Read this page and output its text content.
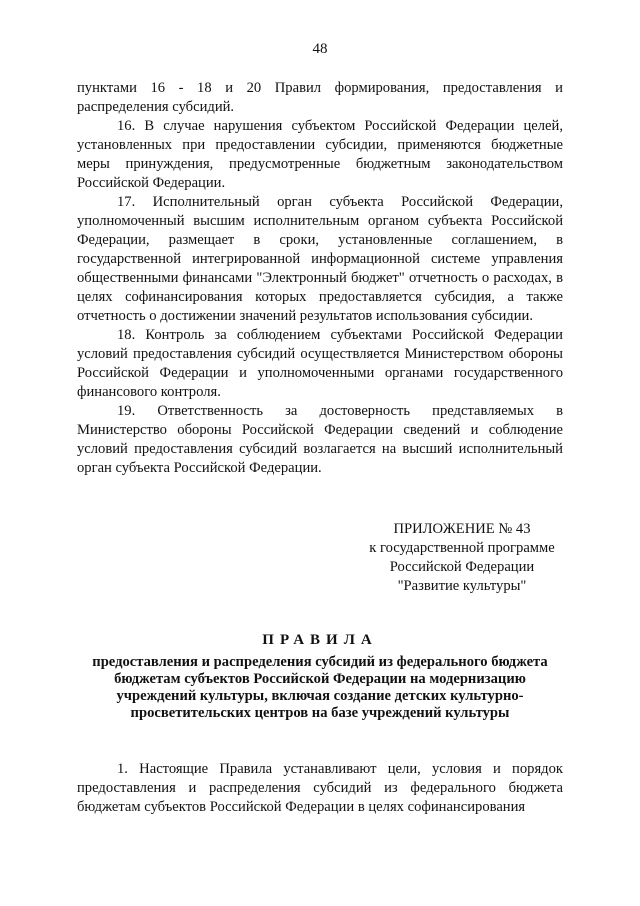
48

пунктами 16 - 18 и 20 Правил формирования, предоставления и распределения субсидий.

16. В случае нарушения субъектом Российской Федерации целей, установленных при предоставлении субсидии, применяются бюджетные меры принуждения, предусмотренные бюджетным законодательством Российской Федерации.

17. Исполнительный орган субъекта Российской Федерации, уполномоченный высшим исполнительным органом субъекта Российской Федерации, размещает в сроки, установленные соглашением, в государственной интегрированной информационной системе управления общественными финансами "Электронный бюджет" отчетность о расходах, в целях софинансирования которых предоставляется субсидия, а также отчетность о достижении значений результатов использования субсидии.

18. Контроль за соблюдением субъектами Российской Федерации условий предоставления субсидий осуществляется Министерством обороны Российской Федерации и уполномоченными органами государственного финансового контроля.

19. Ответственность за достоверность представляемых в Министерство обороны Российской Федерации сведений и соблюдение условий предоставления субсидий возлагается на высший исполнительный орган субъекта Российской Федерации.

ПРИЛОЖЕНИЕ № 43
к государственной программе
Российской Федерации
"Развитие культуры"
ПРАВИЛА
предоставления и распределения субсидий из федерального бюджета
бюджетам субъектов Российской Федерации на модернизацию
учреждений культуры, включая создание детских культурно-
просветительских центров на базе учреждений культуры

1. Настоящие Правила устанавливают цели, условия и порядок предоставления и распределения субсидий из федерального бюджета бюджетам субъектов Российской Федерации в целях софинансирования
